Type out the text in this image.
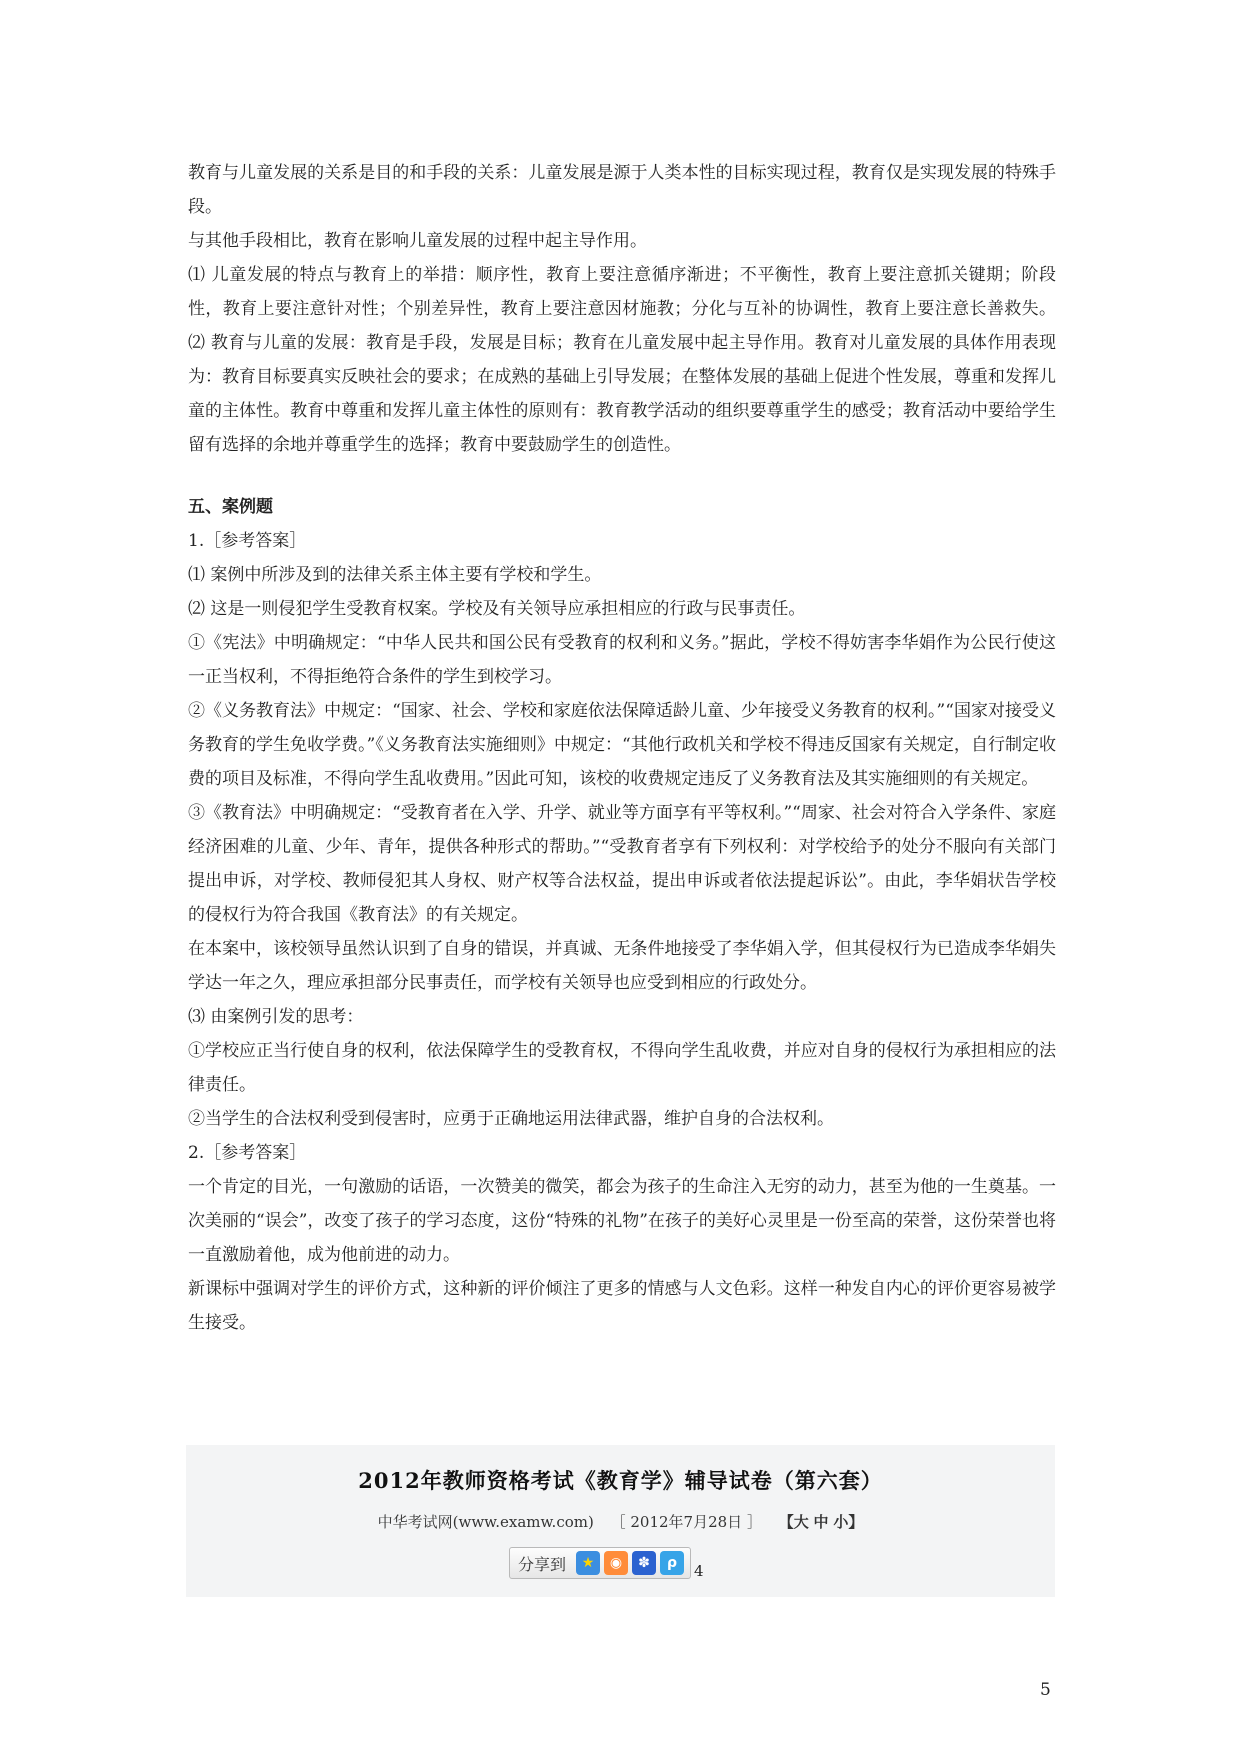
教育与儿童发展的关系是目的和手段的关系：儿童发展是源于人类本性的目标实现过程，教育仅是实现发展的特殊手段。

与其他手段相比，教育在影响儿童发展的过程中起主导作用。

⑴ 儿童发展的特点与教育上的举措：顺序性，教育上要注意循序渐进；不平衡性，教育上要注意抓关键期；阶段性，教育上要注意针对性；个别差异性，教育上要注意因材施教；分化与互补的协调性，教育上要注意长善救失。 ⑵ 教育与儿童的发展：教育是手段，发展是目标；教育在儿童发展中起主导作用。教育对儿童发展的具体作用表现为：教育目标要真实反映社会的要求；在成熟的基础上引导发展；在整体发展的基础上促进个性发展，尊重和发挥儿童的主体性。教育中尊重和发挥儿童主体性的原则有：教育教学活动的组织要尊重学生的感受；教育活动中要给学生留有选择的余地并尊重学生的选择；教育中要鼓励学生的创造性。

五、案例题

1.［参考答案］

⑴ 案例中所涉及到的法律关系主体主要有学校和学生。

⑵ 这是一则侵犯学生受教育权案。学校及有关领导应承担相应的行政与民事责任。

①《宪法》中明确规定：“中华人民共和国公民有受教育的权利和义务。”据此，学校不得妨害李华娟作为公民行使这一正当权利，不得拒绝符合条件的学生到校学习。

②《义务教育法》中规定：“国家、社会、学校和家庭依法保障适龄儿童、少年接受义务教育的权利。”“国家对接受义务教育的学生免收学费。”《义务教育法实施细则》中规定：“其他行政机关和学校不得违反国家有关规定，自行制定收费的项目及标准，不得向学生乱收费用。”因此可知，该校的收费规定违反了义务教育法及其实施细则的有关规定。

③《教育法》中明确规定：“受教育者在入学、升学、就业等方面享有平等权利。”“周家、社会对符合入学条件、家庭经济困难的儿童、少年、青年，提供各种形式的帮助。”“受教育者享有下列权利：对学校给予的处分不服向有关部门提出申诉，对学校、教师侵犯其人身权、财产权等合法权益，提出申诉或者依法提起诉讼”。由此，李华娟状告学校的侵权行为符合我国《教育法》的有关规定。

在本案中，该校领导虽然认识到了自身的错误，并真诚、无条件地接受了李华娟入学，但其侵权行为已造成李华娟失学达一年之久，理应承担部分民事责任，而学校有关领导也应受到相应的行政处分。

⑶ 由案例引发的思考：

①学校应正当行使自身的权利，依法保障学生的受教育权，不得向学生乱收费，并应对自身的侵权行为承担相应的法律责任。

②当学生的合法权利受到侵害时，应勇于正确地运用法律武器，维护自身的合法权利。

2.［参考答案］

一个肯定的目光，一句激励的话语，一次赞美的微笑，都会为孩子的生命注入无穷的动力，甚至为他的一生奠基。一次美丽的“误会”，改变了孩子的学习态度，这份“特殊的礼物”在孩子的美好心灵里是一份至高的荣誉，这份荣誉也将一直激励着他，成为他前进的动力。

新课标中强调对学生的评价方式，这种新的评价倾注了更多的情感与人文色彩。这样一种发自内心的评价更容易被学生接受。

2012年教师资格考试《教育学》辅导试卷（第六套）
中华考试网(www.examw.com) ［ 2012年7月28日 ］ 【大 中 小】
分享到	★	◉	✽	ρ	4
5
